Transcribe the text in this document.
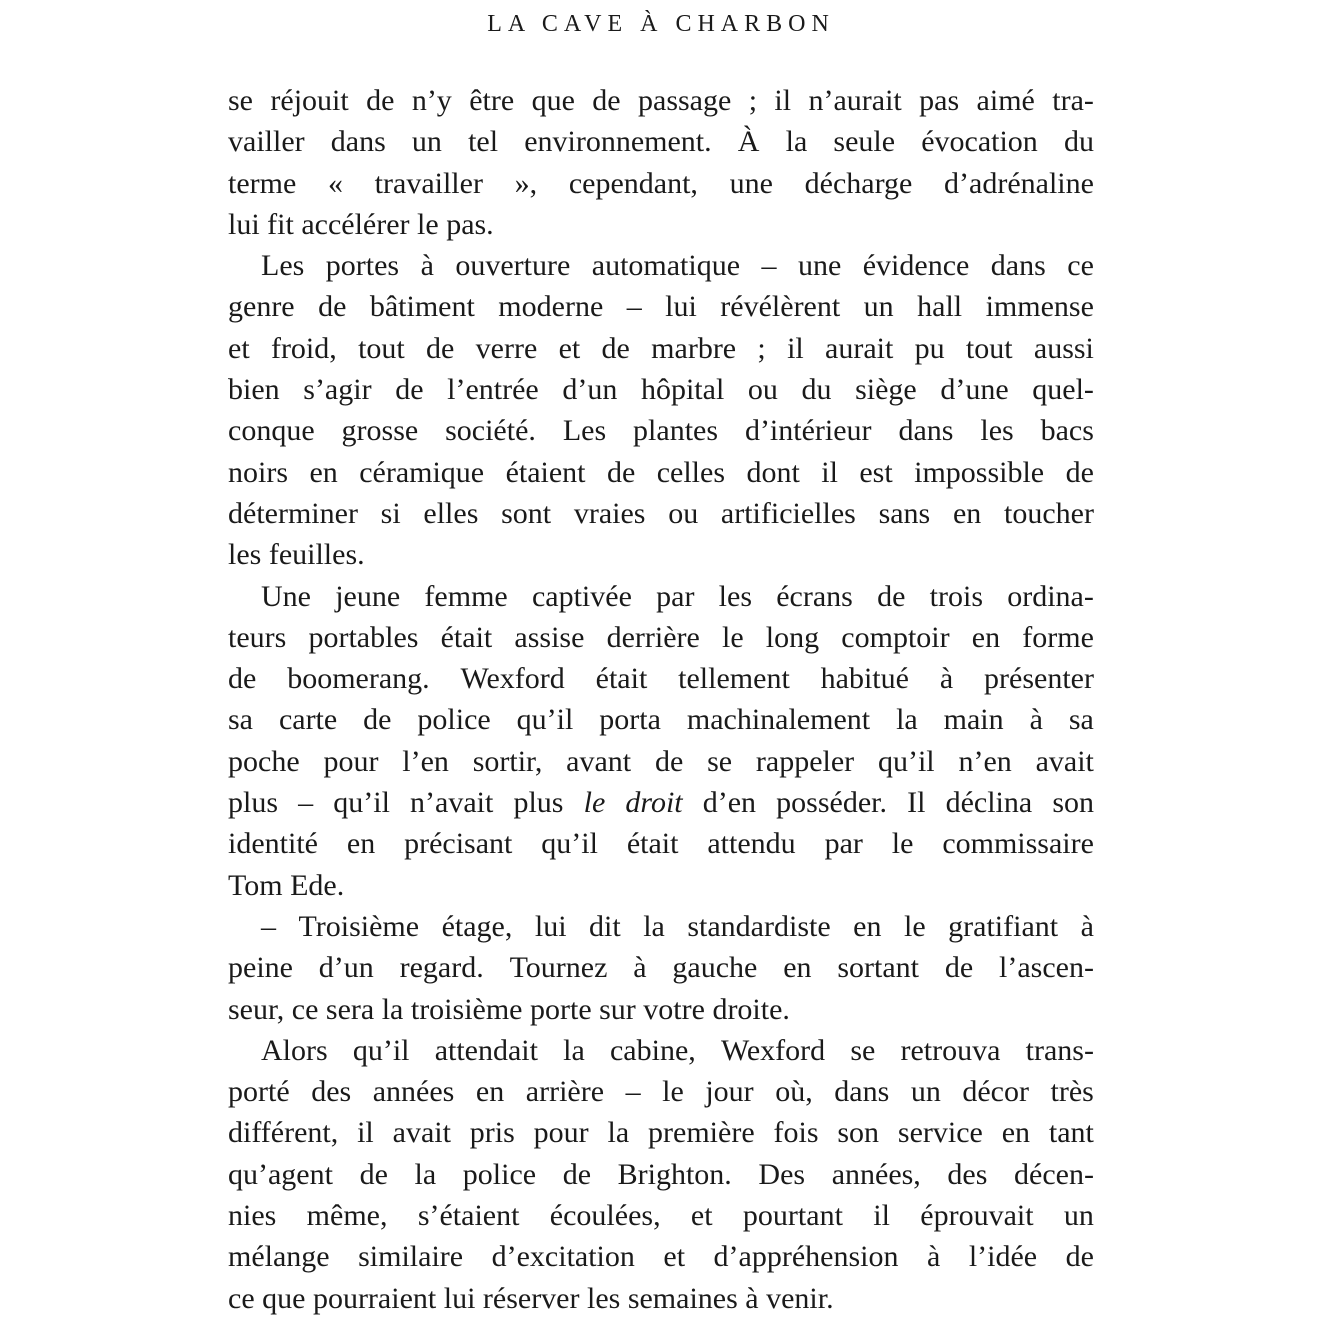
LA CAVE À CHARBON
se réjouit de n’y être que de passage ; il n’aurait pas aimé tra-
vailler dans un tel environnement. À la seule évocation du
terme « travailler », cependant, une décharge d’adrénaline
lui fit accélérer le pas.
Les portes à ouverture automatique – une évidence dans ce
genre de bâtiment moderne – lui révélèrent un hall immense
et froid, tout de verre et de marbre ; il aurait pu tout aussi
bien s’agir de l’entrée d’un hôpital ou du siège d’une quel-
conque grosse société. Les plantes d’intérieur dans les bacs
noirs en céramique étaient de celles dont il est impossible de
déterminer si elles sont vraies ou artificielles sans en toucher
les feuilles.
Une jeune femme captivée par les écrans de trois ordina-
teurs portables était assise derrière le long comptoir en forme
de boomerang. Wexford était tellement habitué à présenter
sa carte de police qu’il porta machinalement la main à sa
poche pour l’en sortir, avant de se rappeler qu’il n’en avait
plus – qu’il n’avait plus le droit d’en posséder. Il déclina son
identité en précisant qu’il était attendu par le commissaire
Tom Ede.
– Troisième étage, lui dit la standardiste en le gratifiant à
peine d’un regard. Tournez à gauche en sortant de l’ascen-
seur, ce sera la troisième porte sur votre droite.
Alors qu’il attendait la cabine, Wexford se retrouva trans-
porté des années en arrière – le jour où, dans un décor très
différent, il avait pris pour la première fois son service en tant
qu’agent de la police de Brighton. Des années, des décen-
nies même, s’étaient écoulées, et pourtant il éprouvait un
mélange similaire d’excitation et d’appréhension à l’idée de
ce que pourraient lui réserver les semaines à venir.
